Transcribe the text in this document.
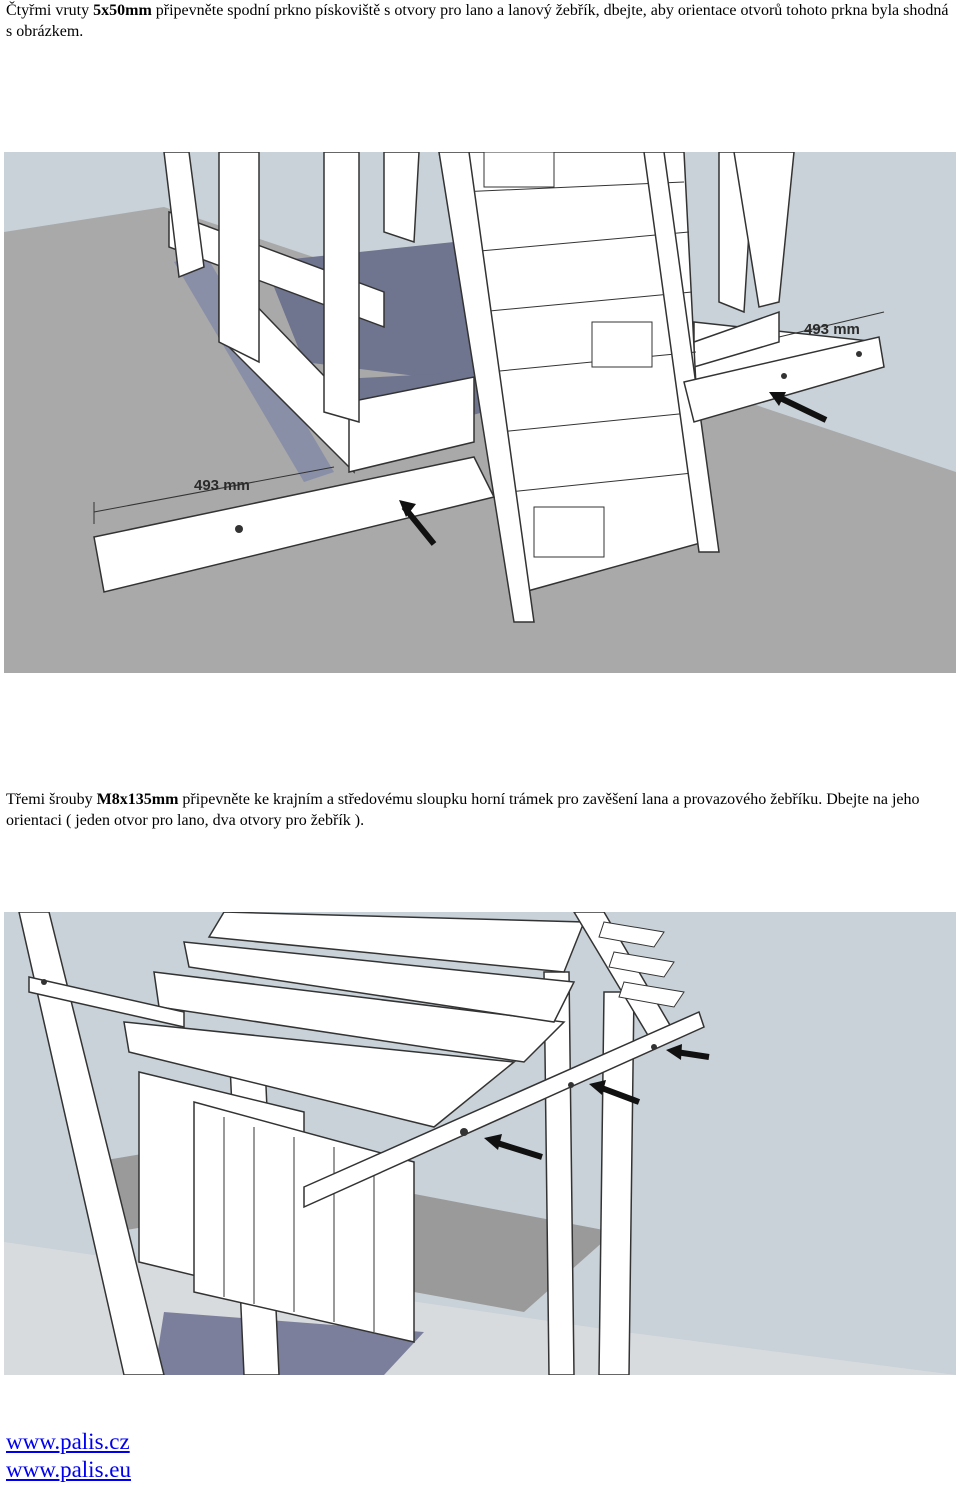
Čtyřmi vruty 5x50mm připevněte spodní prkno pískoviště s otvory pro lano a lanový žebřík, dbejte, aby orientace otvorů tohoto prkna byla shodná s obrázkem.

493 mm
493 mm

Třemi šrouby M8x135mm připevněte ke krajním a středovému sloupku horní trámek pro zavěšení lana a provazového žebříku. Dbejte na jeho orientaci ( jeden otvor pro lano, dva otvory pro žebřík ).

www.palis.cz
www.palis.eu
